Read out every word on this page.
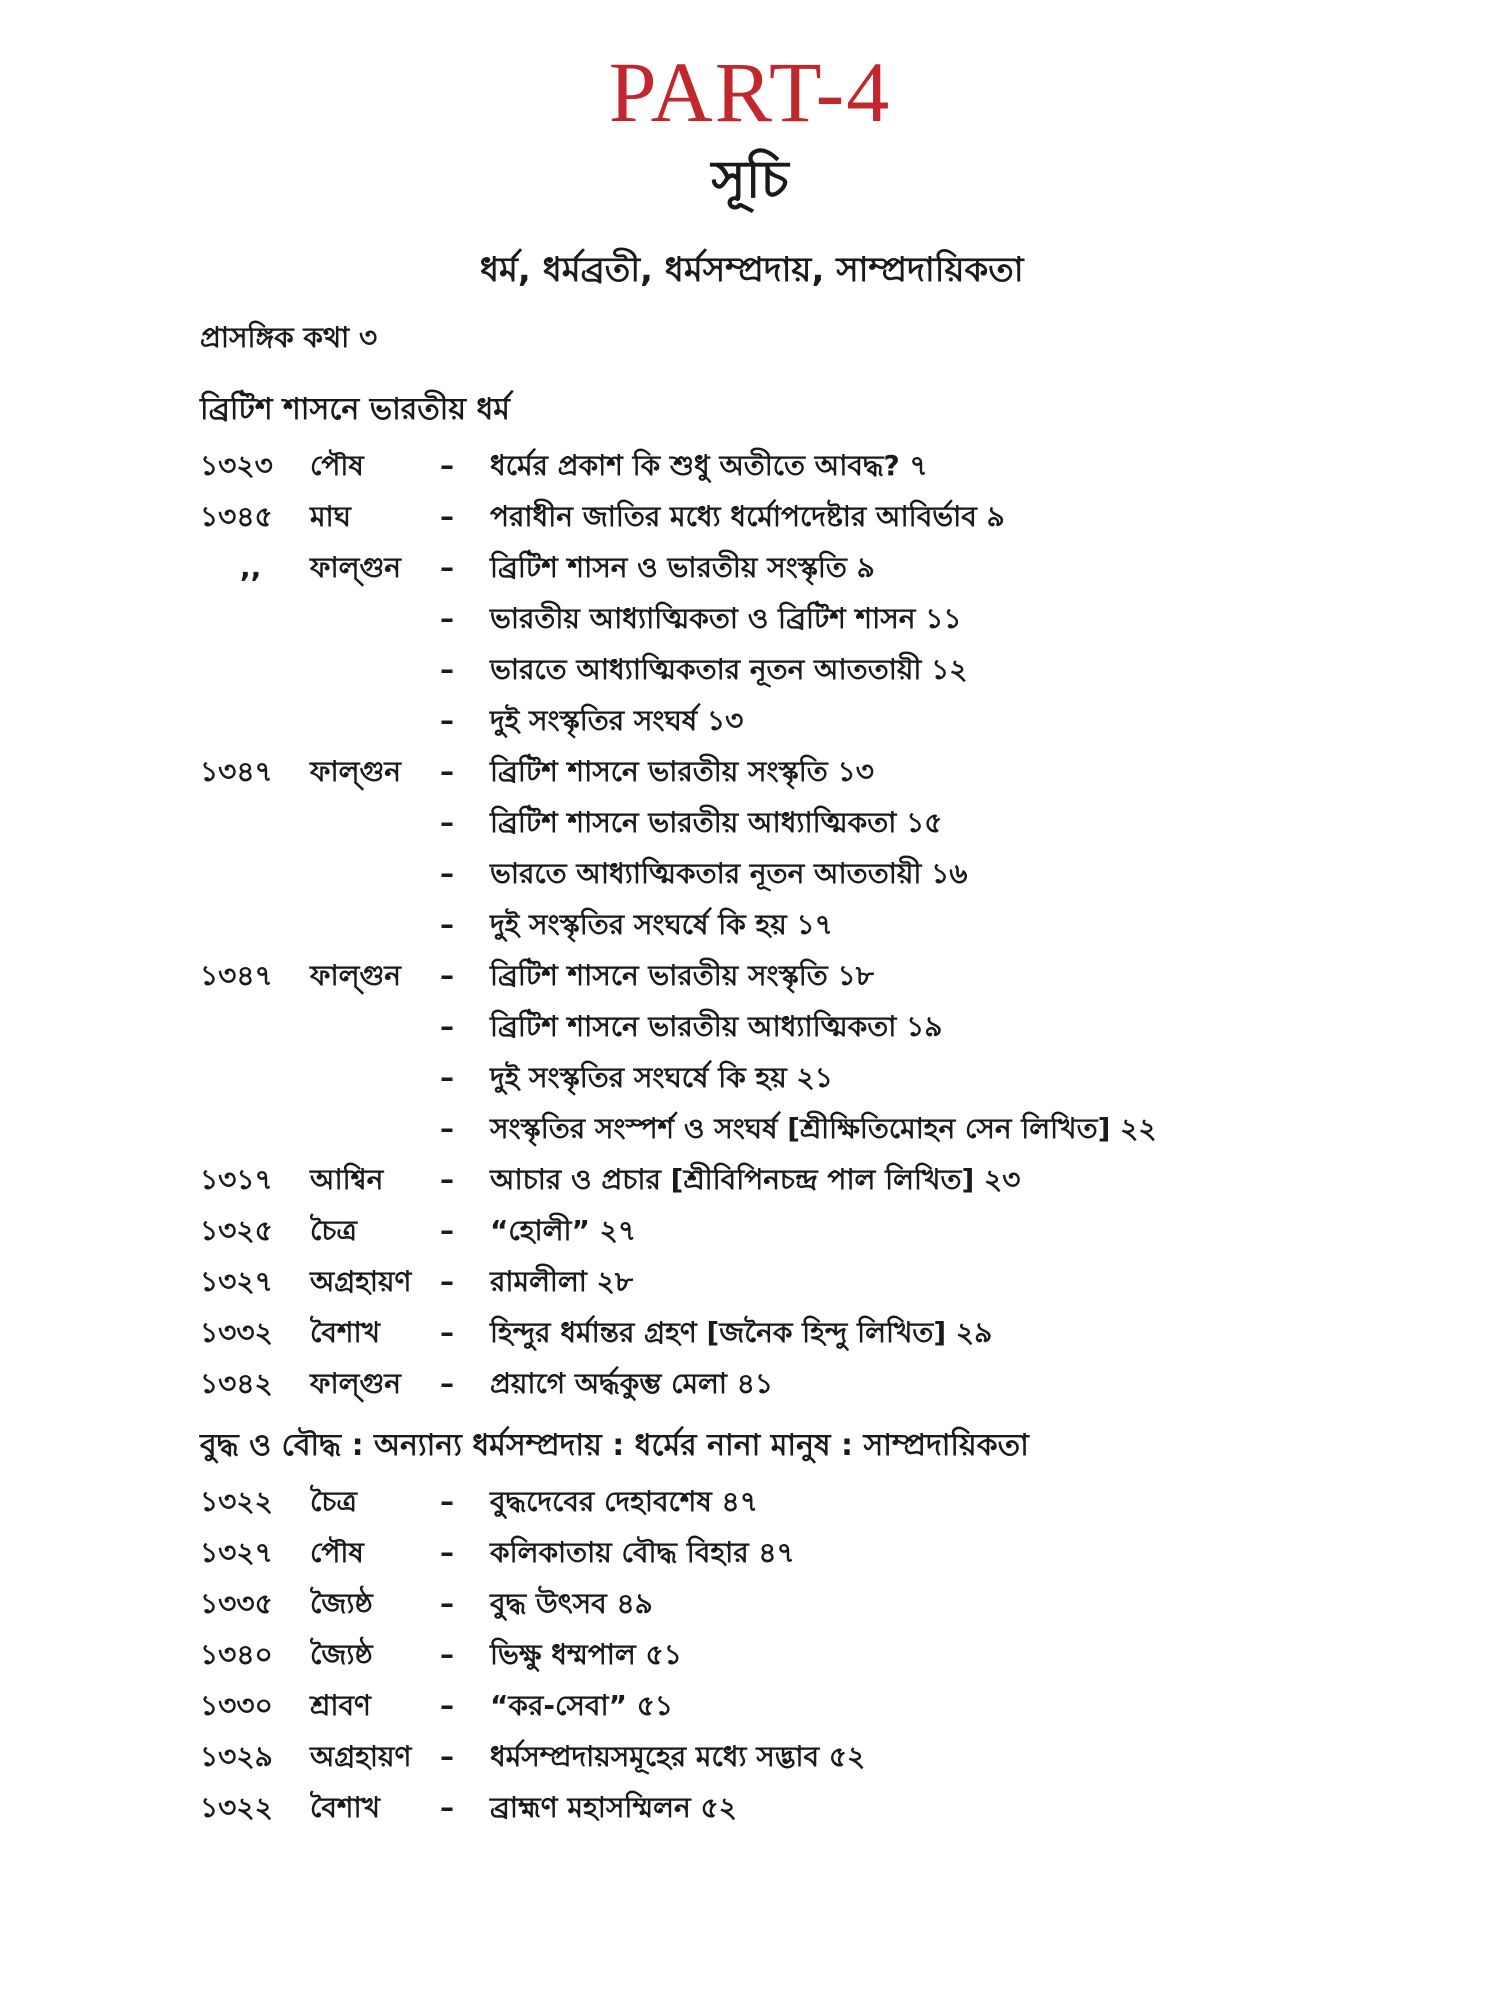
PART-4
সূচি
ধর্ম, ধর্মব্রতী, ধর্মসম্প্রদায়, সাম্প্রদায়িকতা
প্রাসঙ্গিক কথা ৩
ব্রিটিশ শাসনে ভারতীয় ধর্ম
১৩২৩ পৌষ	– ধর্মের প্রকাশ কি শুধু অতীতে আবদ্ধ? ৭
১৩৪৫ মাঘ	– পরাধীন জাতির মধ্যে ধর্মোপদেষ্টার আবির্ভাব ৯
,, ফাল্গুন – ব্রিটিশ শাসন ও ভারতীয় সংস্কৃতি ৯
– ভারতীয় আধ্যাত্মিকতা ও ব্রিটিশ শাসন ১১
– ভারতে আধ্যাত্মিকতার নূতন আততায়ী ১২
– দুই সংস্কৃতির সংঘর্ষ ১৩
১৩৪৭ ফাল্গুন – ব্রিটিশ শাসনে ভারতীয় সংস্কৃতি ১৩
– ব্রিটিশ শাসনে ভারতীয় আধ্যাত্মিকতা ১৫
– ভারতে আধ্যাত্মিকতার নূতন আততায়ী ১৬
– দুই সংস্কৃতির সংঘর্ষে কি হয় ১৭
১৩৪৭ ফাল্গুন – ব্রিটিশ শাসনে ভারতীয় সংস্কৃতি ১৮
– ব্রিটিশ শাসনে ভারতীয় আধ্যাত্মিকতা ১৯
– দুই সংস্কৃতির সংঘর্ষে কি হয় ২১
– সংস্কৃতির সংস্পর্শ ও সংঘর্ষ [শ্রীক্ষিতিমোহন সেন লিখিত] ২২
১৩১৭ আশ্বিন – আচার ও প্রচার [শ্রীবিপিনচন্দ্র পাল লিখিত] ২৩
১৩২৫ চৈত্র	– “হোলী” ২৭
১৩২৭ অগ্রহায়ণ – রামলীলা ২৮
১৩৩২ বৈশাখ – হিন্দুর ধর্মান্তর গ্রহণ [জনৈক হিন্দু লিখিত] ২৯
১৩৪২ ফাল্গুন – প্রয়াগে অর্দ্ধকুম্ভ মেলা ৪১
বুদ্ধ ও বৌদ্ধ : অন্যান্য ধর্মসম্প্রদায় : ধর্মের নানা মানুষ : সাম্প্রদায়িকতা
১৩২২ চৈত্র	– বুদ্ধদেবের দেহাবশেষ ৪৭
১৩২৭ পৌষ	– কলিকাতায় বৌদ্ধ বিহার ৪৭
১৩৩৫ জ্যৈষ্ঠ – বুদ্ধ উৎসব ৪৯
১৩৪০ জ্যৈষ্ঠ – ভিক্ষু ধম্মপাল ৫১
১৩৩০ শ্রাবণ – “কর-সেবা” ৫১
১৩২৯ অগ্রহায়ণ – ধর্মসম্প্রদায়সমূহের মধ্যে সদ্ভাব ৫২
১৩২২ বৈশাখ – ব্রাহ্মণ মহাসম্মিলন ৫২
